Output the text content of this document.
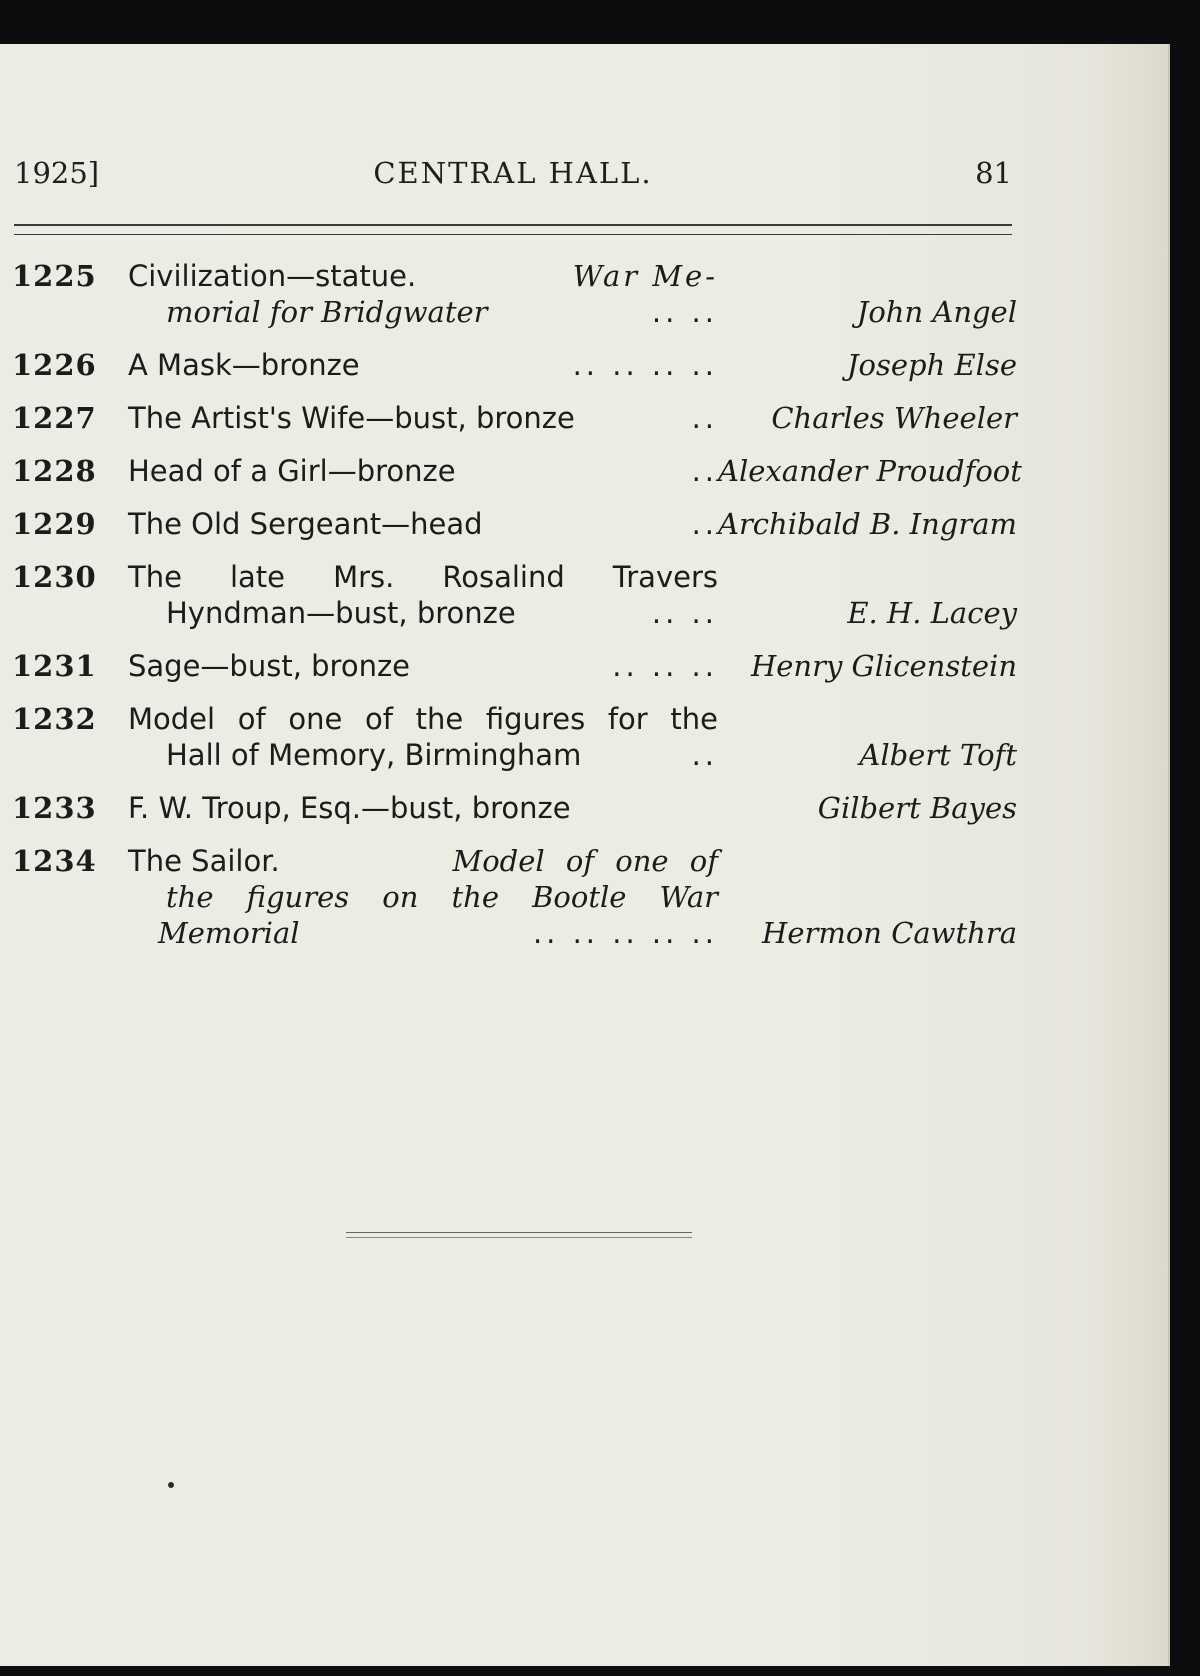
1925]	CENTRAL HALL.	81
1225	Civilization—statue.	War Me-
morial for Bridgwater	.. ..	John Angel
1226	A Mask—bronze	.. .. .. ..	Joseph Else
1227	The Artist's Wife—bust, bronze	..	Charles Wheeler
1228	Head of a Girl—bronze	.. Alexander Proudfoot
1229	The Old Sergeant—head	.. Archibald B. Ingram
1230	The late Mrs. Rosalind Travers
Hyndman—bust, bronze	.. ..	E. H. Lacey
1231	Sage—bust, bronze	.. .. ..	Henry Glicenstein
1232	Model of one of the figures for the
Hall of Memory, Birmingham	..	Albert Toft
1233	F. W. Troup, Esq.—bust, bronze	Gilbert Bayes
1234	The Sailor.	Model of one of
the figures on the Bootle War
Memorial	.. .. .. .. ..	Hermon Cawthra
